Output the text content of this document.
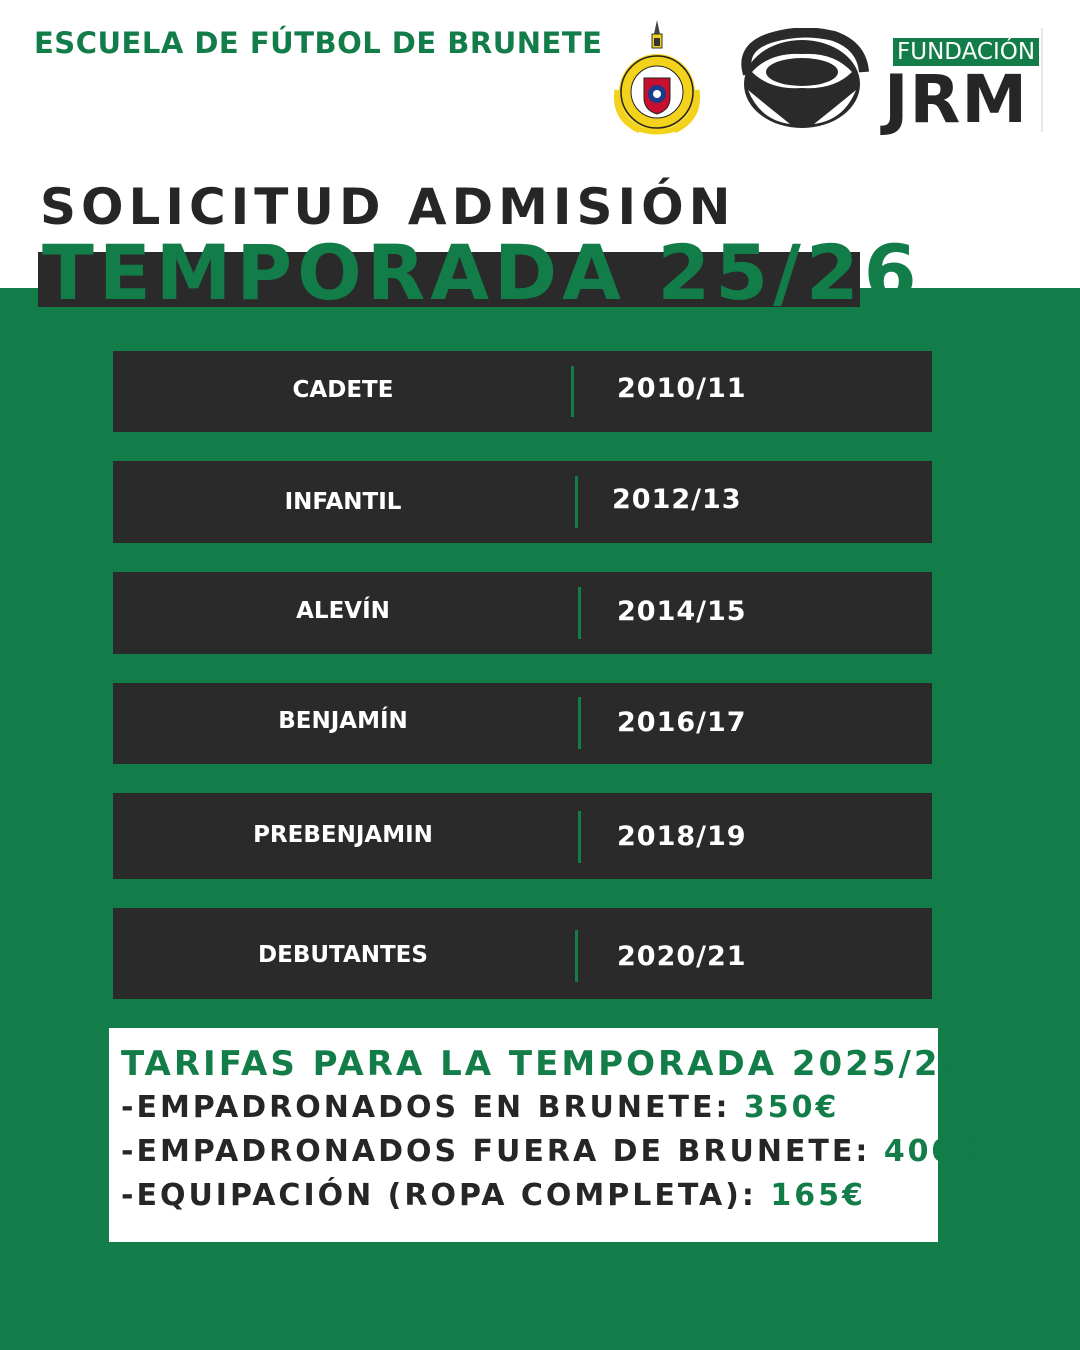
ESCUELA DE FÚTBOL DE BRUNETE	FUNDACIÓN
JRM
SOLICITUD ADMISIÓN
TEMPORADA 25/26
CADETE	2010/11
INFANTIL	2012/13
ALEVÍN	2014/15
BENJAMÍN	2016/17
PREBENJAMIN	2018/19
DEBUTANTES	2020/21
TARIFAS PARA LA TEMPORADA 2025/26
-EMPADRONADOS EN BRUNETE: 350€
-EMPADRONADOS FUERA DE BRUNETE: 400€
-EQUIPACIÓN (ROPA COMPLETA): 165€
